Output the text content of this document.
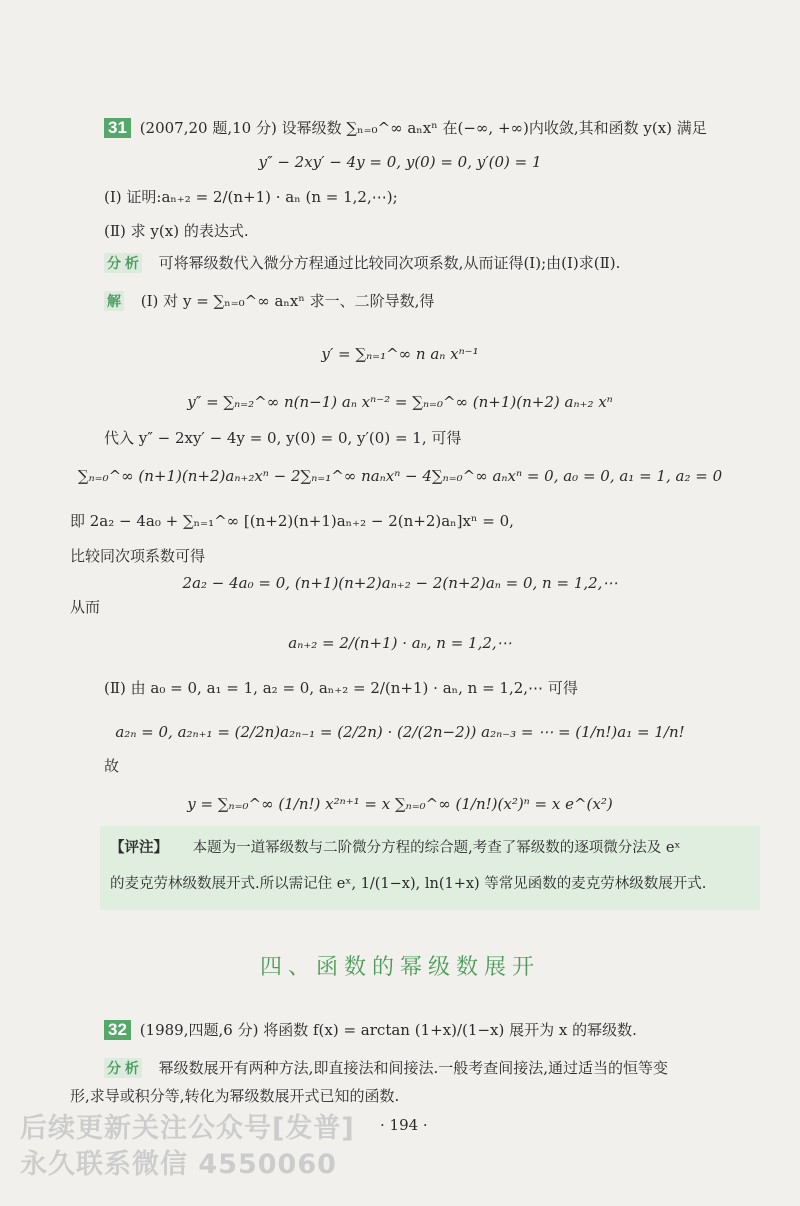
31 (2007,20 题,10 分) 设幂级数 ∑ₙ₌₀^∞ aₙxⁿ 在(−∞, +∞)内收敛,其和函数 y(x) 满足
y″ − 2xy′ − 4y = 0, y(0) = 0, y′(0) = 1
(Ⅰ) 证明:aₙ₊₂ = 2/(n+1) · aₙ (n = 1,2,⋯);
(Ⅱ) 求 y(x) 的表达式.
分 析 可将幂级数代入微分方程通过比较同次项系数,从而证得(Ⅰ);由(Ⅰ)求(Ⅱ).
解 (Ⅰ) 对 y = ∑ₙ₌₀^∞ aₙxⁿ 求一、二阶导数,得
y′ = ∑ₙ₌₁^∞ n aₙ xⁿ⁻¹
y″ = ∑ₙ₌₂^∞ n(n−1) aₙ xⁿ⁻² = ∑ₙ₌₀^∞ (n+1)(n+2) aₙ₊₂ xⁿ
代入 y″ − 2xy′ − 4y = 0, y(0) = 0, y′(0) = 1, 可得
∑ₙ₌₀^∞ (n+1)(n+2)aₙ₊₂xⁿ − 2∑ₙ₌₁^∞ naₙxⁿ − 4∑ₙ₌₀^∞ aₙxⁿ = 0, a₀ = 0, a₁ = 1, a₂ = 0
即 2a₂ − 4a₀ + ∑ₙ₌₁^∞ [(n+2)(n+1)aₙ₊₂ − 2(n+2)aₙ]xⁿ = 0,
比较同次项系数可得
2a₂ − 4a₀ = 0, (n+1)(n+2)aₙ₊₂ − 2(n+2)aₙ = 0, n = 1,2,⋯
从而
aₙ₊₂ = 2/(n+1) · aₙ, n = 1,2,⋯
(Ⅱ) 由 a₀ = 0, a₁ = 1, a₂ = 0, aₙ₊₂ = 2/(n+1) · aₙ, n = 1,2,⋯ 可得
a₂ₙ = 0, a₂ₙ₊₁ = (2/2n)a₂ₙ₋₁ = (2/2n) · (2/(2n−2)) a₂ₙ₋₃ = ⋯ = (1/n!)a₁ = 1/n!
故
y = ∑ₙ₌₀^∞ (1/n!) x²ⁿ⁺¹ = x ∑ₙ₌₀^∞ (1/n!)(x²)ⁿ = x e^(x²)
【评注】 本题为一道幂级数与二阶微分方程的综合题,考查了幂级数的逐项微分法及 eˣ
的麦克劳林级数展开式.所以需记住 eˣ, 1/(1−x), ln(1+x) 等常见函数的麦克劳林级数展开式.
四、函数的幂级数展开
32 (1989,四题,6 分) 将函数 f(x) = arctan (1+x)/(1−x) 展开为 x 的幂级数.
分 析 幂级数展开有两种方法,即直接法和间接法.一般考查间接法,通过适当的恒等变
形,求导或积分等,转化为幂级数展开式已知的函数.
· 194 ·
后续更新关注公众号[发普]
永久联系微信 4550060
